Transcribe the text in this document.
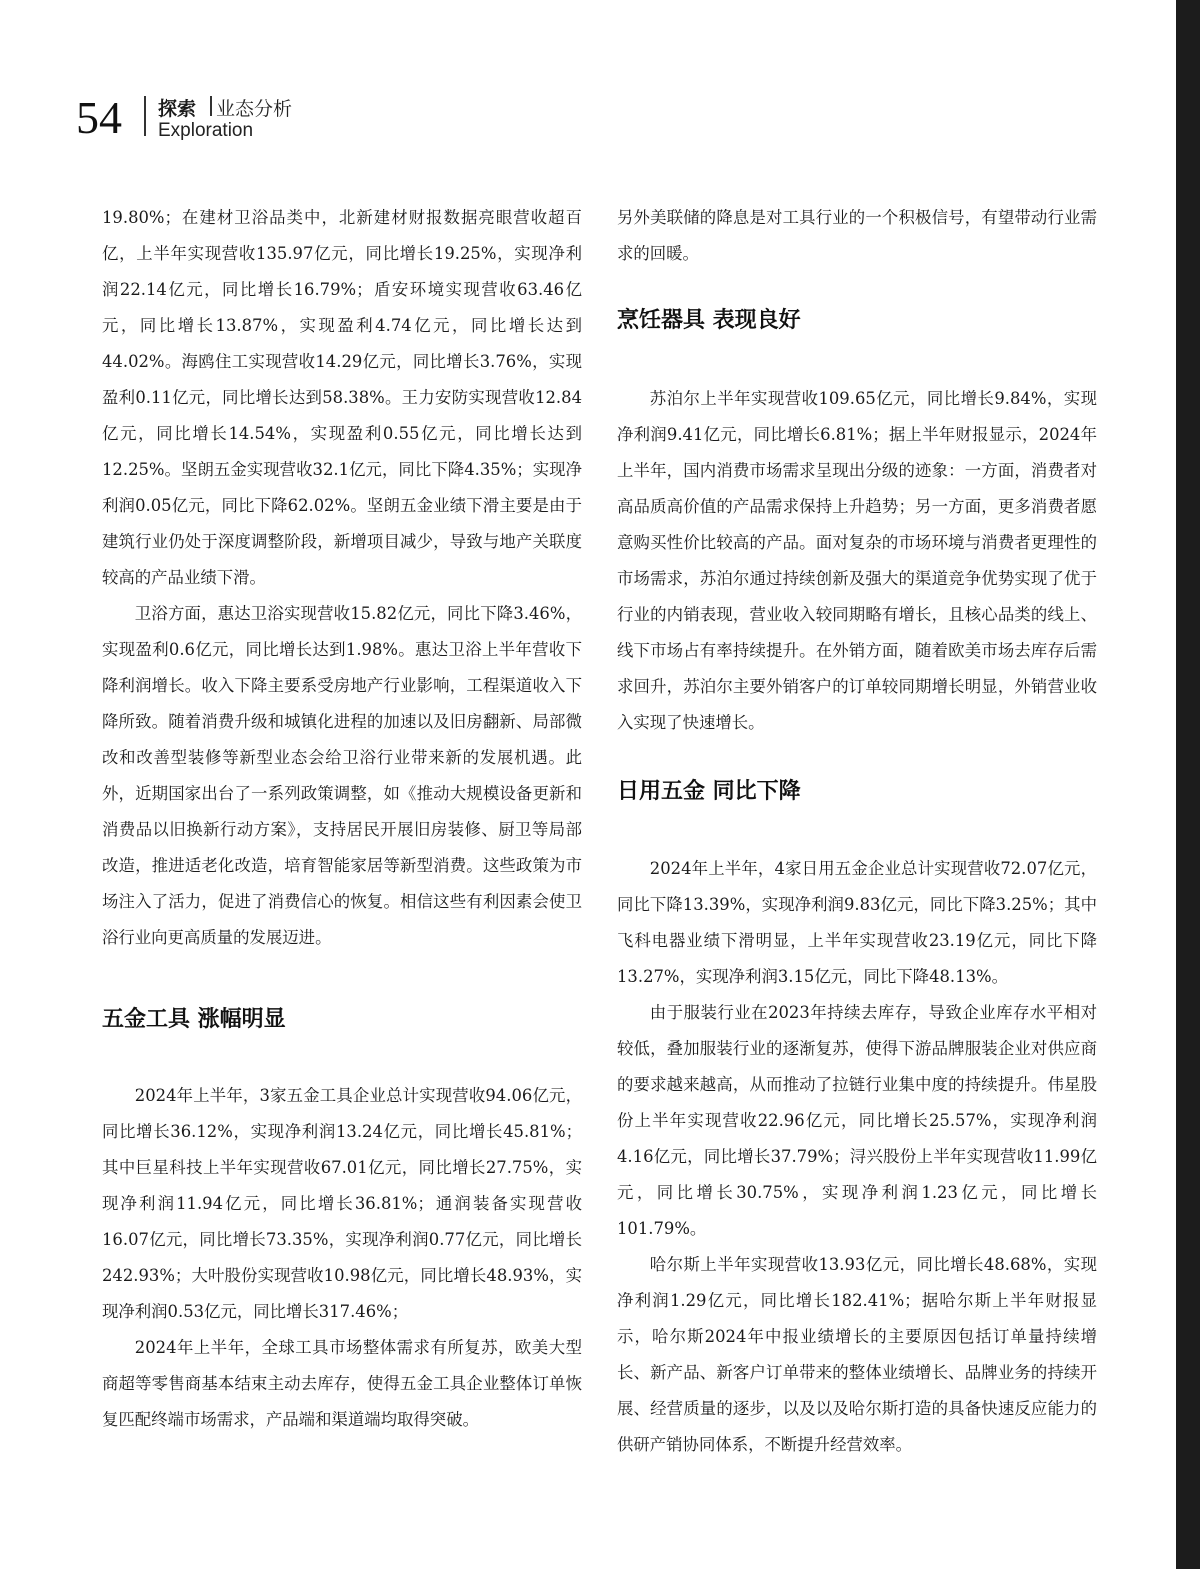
54 探索 业态分析
Exploration

19.80%；在建材卫浴品类中，北新建材财报数据亮眼营收超百亿，上半年实现营收135.97亿元，同比增长19.25%，实现净利润22.14亿元，同比增长16.79%；盾安环境实现营收63.46亿元，同比增长13.87%，实现盈利4.74亿元，同比增长达到44.02%。海鸥住工实现营收14.29亿元，同比增长3.76%，实现盈利0.11亿元，同比增长达到58.38%。王力安防实现营收12.84亿元，同比增长14.54%，实现盈利0.55亿元，同比增长达到12.25%。坚朗五金实现营收32.1亿元，同比下降4.35%；实现净利润0.05亿元，同比下降62.02%。坚朗五金业绩下滑主要是由于建筑行业仍处于深度调整阶段，新增项目减少，导致与地产关联度较高的产品业绩下滑。

卫浴方面，惠达卫浴实现营收15.82亿元，同比下降3.46%，实现盈利0.6亿元，同比增长达到1.98%。惠达卫浴上半年营收下降利润增长。收入下降主要系受房地产行业影响，工程渠道收入下降所致。随着消费升级和城镇化进程的加速以及旧房翻新、局部微改和改善型装修等新型业态会给卫浴行业带来新的发展机遇。此外，近期国家出台了一系列政策调整，如《推动大规模设备更新和消费品以旧换新行动方案》，支持居民开展旧房装修、厨卫等局部改造，推进适老化改造，培育智能家居等新型消费。这些政策为市场注入了活力，促进了消费信心的恢复。相信这些有利因素会使卫浴行业向更高质量的发展迈进。

五金工具 涨幅明显

2024年上半年，3家五金工具企业总计实现营收94.06亿元，同比增长36.12%，实现净利润13.24亿元，同比增长45.81%；其中巨星科技上半年实现营收67.01亿元，同比增长27.75%，实现净利润11.94亿元，同比增长36.81%；通润装备实现营收16.07亿元，同比增长73.35%，实现净利润0.77亿元，同比增长242.93%；大叶股份实现营收10.98亿元，同比增长48.93%，实现净利润0.53亿元，同比增长317.46%；

2024年上半年，全球工具市场整体需求有所复苏，欧美大型商超等零售商基本结束主动去库存，使得五金工具企业整体订单恢复匹配终端市场需求，产品端和渠道端均取得突破。

另外美联储的降息是对工具行业的一个积极信号，有望带动行业需求的回暖。

烹饪器具 表现良好

苏泊尔上半年实现营收109.65亿元，同比增长9.84%，实现净利润9.41亿元，同比增长6.81%；据上半年财报显示，2024年上半年，国内消费市场需求呈现出分级的迹象：一方面，消费者对高品质高价值的产品需求保持上升趋势；另一方面，更多消费者愿意购买性价比较高的产品。面对复杂的市场环境与消费者更理性的市场需求，苏泊尔通过持续创新及强大的渠道竞争优势实现了优于行业的内销表现，营业收入较同期略有增长，且核心品类的线上、线下市场占有率持续提升。在外销方面，随着欧美市场去库存后需求回升，苏泊尔主要外销客户的订单较同期增长明显，外销营业收入实现了快速增长。

日用五金 同比下降

2024年上半年，4家日用五金企业总计实现营收72.07亿元，同比下降13.39%，实现净利润9.83亿元，同比下降3.25%；其中飞科电器业绩下滑明显，上半年实现营收23.19亿元，同比下降13.27%，实现净利润3.15亿元，同比下降48.13%。

由于服装行业在2023年持续去库存，导致企业库存水平相对较低，叠加服装行业的逐渐复苏，使得下游品牌服装企业对供应商的要求越来越高，从而推动了拉链行业集中度的持续提升。伟星股份上半年实现营收22.96亿元，同比增长25.57%，实现净利润4.16亿元，同比增长37.79%；浔兴股份上半年实现营收11.99亿元，同比增长30.75%，实现净利润1.23亿元，同比增长101.79%。

哈尔斯上半年实现营收13.93亿元，同比增长48.68%，实现净利润1.29亿元，同比增长182.41%；据哈尔斯上半年财报显示，哈尔斯2024年中报业绩增长的主要原因包括订单量持续增长、新产品、新客户订单带来的整体业绩增长、品牌业务的持续开展、经营质量的逐步，以及以及哈尔斯打造的具备快速反应能力的供研产销协同体系，不断提升经营效率。
